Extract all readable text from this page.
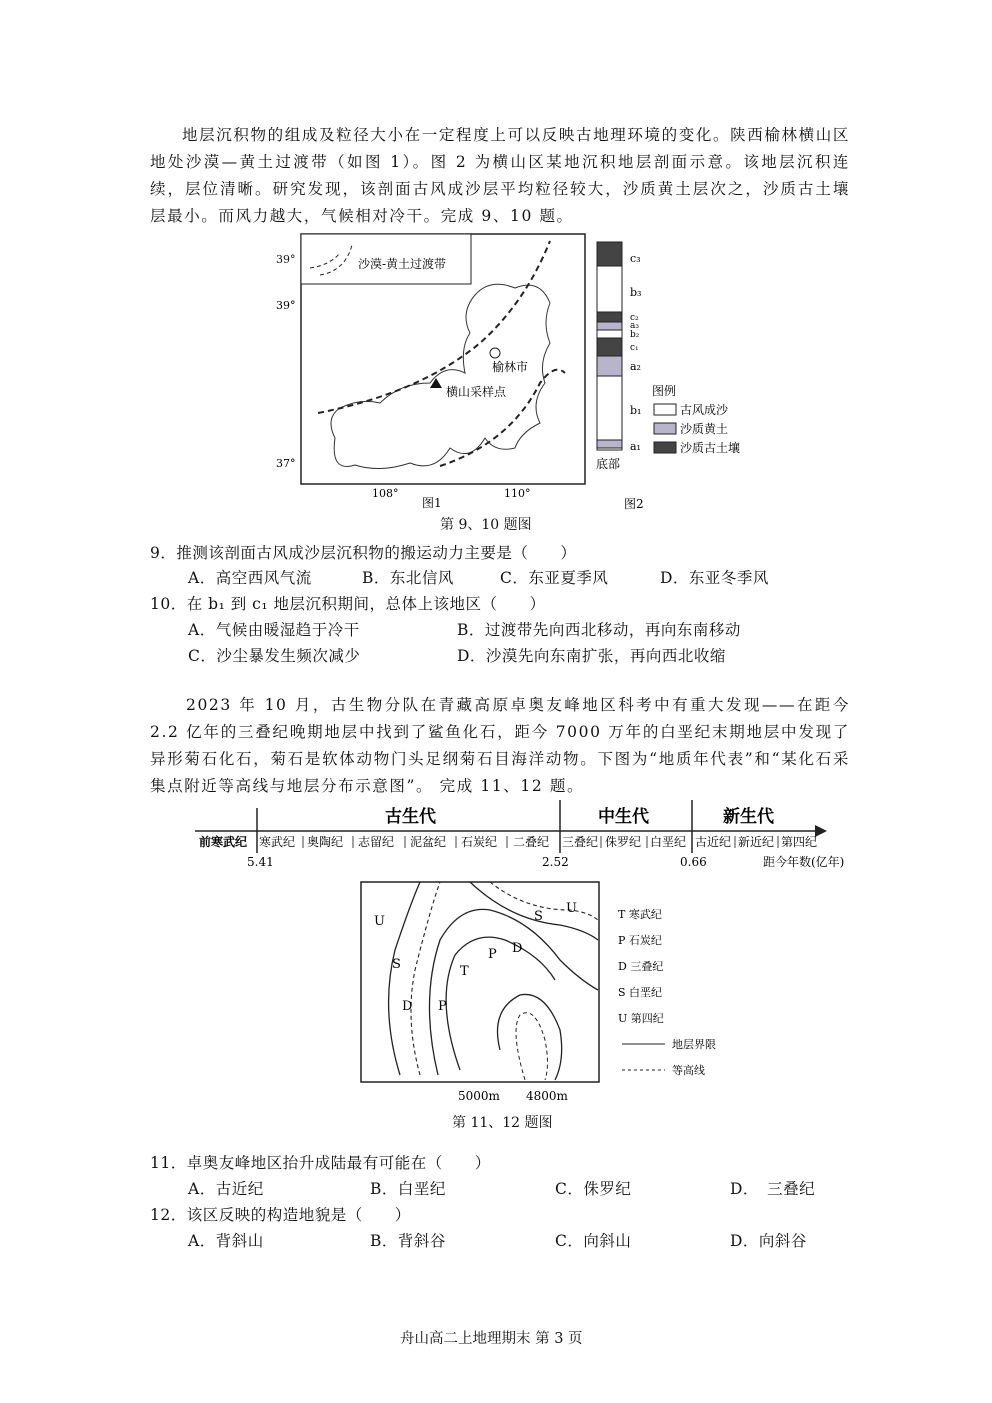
地层沉积物的组成及粒径大小在一定程度上可以反映古地理环境的变化。陕西榆林横山区地处沙漠—黄土过渡带（如图 1）。图 2 为横山区某地沉积地层剖面示意。该地层沉积连续，层位清晰。研究发现，该剖面古风成沙层平均粒径较大，沙质黄土层次之，沙质古土壤层最小。而风力越大，气候相对冷干。完成 9、10 题。
沙漠-黄土过渡带
榆林市
横山采样点
39°
37°
108°	110°
图1
39°	c₃
b₃
c₂
a₃
b₂
c₁
a₂
b₁
a₁
底部
图2
图例
古风成沙
沙质黄土
沙质古土壤
第 9、10 题图
9．推测该剖面古风成沙层沉积物的搬运动力主要是（　　）
A．高空西风气流	B．东北信风	C．东亚夏季风	D．东亚冬季风
10．在 b₁ 到 c₁ 地层沉积期间，总体上该地区（　　）
A．气候由暖湿趋于冷干	B．过渡带先向西北移动，再向东南移动
C．沙尘暴发生频次减少	D．沙漠先向东南扩张，再向西北收缩
2023 年 10 月，古生物分队在青藏高原卓奥友峰地区科考中有重大发现——在距今 2.2 亿年的三叠纪晚期地层中找到了鲨鱼化石，距今 7000 万年的白垩纪末期地层中发现了异形菊石化石，菊石是软体动物门头足纲菊石目海洋动物。下图为“地质年代表”和“某化石采集点附近等高线与地层分布示意图”。 完成 11、12 题。
古生代	中生代	新生代
前寒武纪 寒武纪 奥陶纪 志留纪 泥盆纪 石炭纪 二叠纪 三叠纪 侏罗纪 白垩纪 古近纪 新近纪 第四纪
5.41	2.52	0.66	距今年数(亿年)
U
S
D P
T
P D
S
U
5000m 4800m
T 寒武纪
P 石炭纪
D 三叠纪
S 白垩纪
U 第四纪
地层界限
等高线
第 11、12 题图
11．卓奥友峰地区抬升成陆最有可能在（　　）
A．古近纪	B．白垩纪	C．侏罗纪	D．　三叠纪
12．该区反映的构造地貌是（　　）
A．背斜山	B．背斜谷	C．向斜山	D．向斜谷
舟山高二上地理期末 第 3 页
